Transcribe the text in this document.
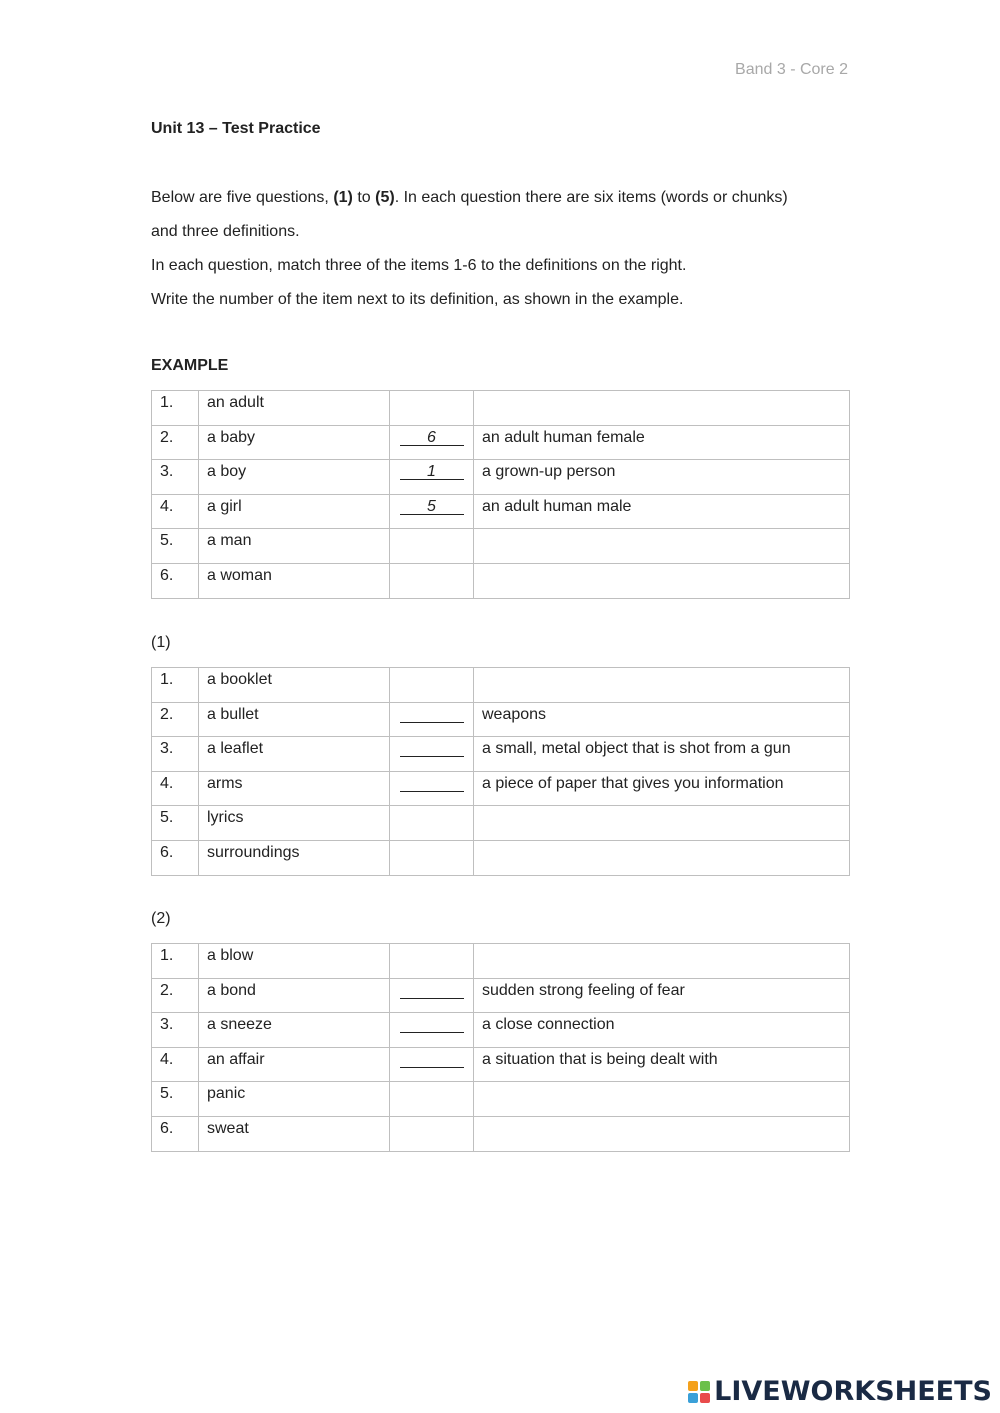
Band 3 - Core 2
Unit 13 – Test Practice

Below are five questions, (1) to (5). In each question there are six items (words or chunks)

and three definitions.

In each question, match three of the items 1-6 to the definitions on the right.

Write the number of the item next to its definition, as shown in the example.

EXAMPLE
1.	an adult		
2.	a baby	6	an adult human female
3.	a boy	1	a grown-up person
4.	a girl	5	an adult human male
5.	a man		
6.	a woman		
(1)
1.	a booklet		
2.	a bullet		weapons
3.	a leaflet		a small, metal object that is shot from a gun
4.	arms		a piece of paper that gives you information
5.	lyrics		
6.	surroundings		
(2)
1.	a blow		
2.	a bond		sudden strong feeling of fear
3.	a sneeze		a close connection
4.	an affair		a situation that is being dealt with
5.	panic		
6.	sweat		
LIVEWORKSHEETS
